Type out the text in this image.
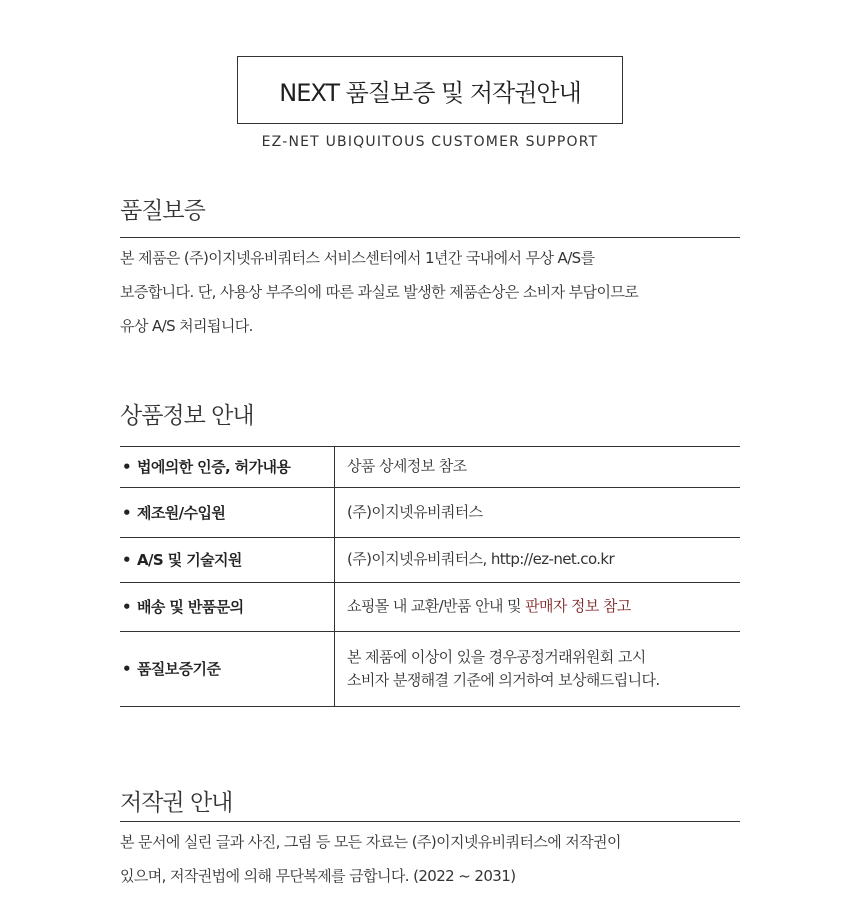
NEXT 품질보증 및 저작권안내
EZ-NET UBIQUITOUS CUSTOMER SUPPORT
품질보증

본 제품은 (주)이지넷유비쿼터스 서비스센터에서 1년간 국내에서 무상 A/S를

보증합니다. 단, 사용상 부주의에 따른 과실로 발생한 제품손상은 소비자 부담이므로

유상 A/S 처리됩니다.

상품정보 안내
• 법에의한 인증, 허가내용	상품 상세정보 참조
• 제조원/수입원	(주)이지넷유비쿼터스
• A/S 및 기술지원	(주)이지넷유비쿼터스, http://ez-net.co.kr
• 배송 및 반품문의	쇼핑몰 내 교환/반품 안내 및 판매자 정보 참고
• 품질보증기준	본 제품에 이상이 있을 경우공정거래위원회 고시
소비자 분쟁해결 기준에 의거하여 보상해드립니다.
저작권 안내

본 문서에 실린 글과 사진, 그림 등 모든 자료는 (주)이지넷유비쿼터스에 저작권이

있으며, 저작권법에 의해 무단복제를 금합니다. (2022 ~ 2031)
